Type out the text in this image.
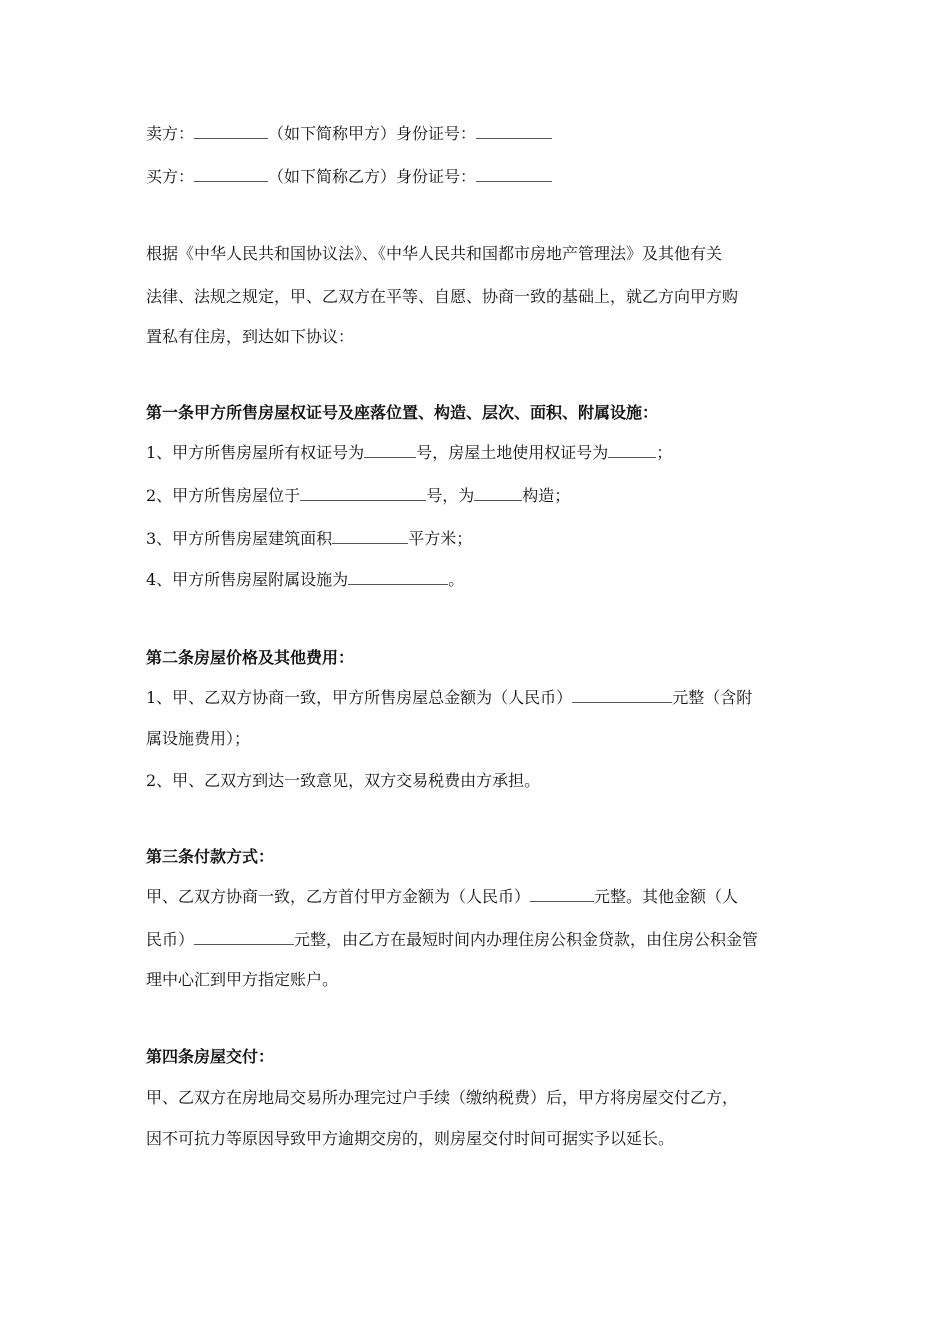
卖方：	（如下简称甲方）身份证号：
买方：	（如下简称乙方）身份证号：
根据《中华人民共和国协议法》、《中华人民共和国都市房地产管理法》及其他有关
法律、法规之规定，甲、乙双方在平等、自愿、协商一致的基础上，就乙方向甲方购
置私有住房，到达如下协议：
第一条甲方所售房屋权证号及座落位置、构造、层次、面积、附属设施：
1、甲方所售房屋所有权证号为	号，房屋土地使用权证号为	；
2、甲方所售房屋位于	号，为	构造；
3、甲方所售房屋建筑面积	平方米；
4、甲方所售房屋附属设施为	。
第二条房屋价格及其他费用：
1、甲、乙双方协商一致，甲方所售房屋总金额为（人民币）	元整（含附
属设施费用）；
2、甲、乙双方到达一致意见，双方交易税费由方承担。
第三条付款方式：
甲、乙双方协商一致，乙方首付甲方金额为（人民币）	元整。其他金额（人
民币）	元整，由乙方在最短时间内办理住房公积金贷款，由住房公积金管
理中心汇到甲方指定账户。
第四条房屋交付：
甲、乙双方在房地局交易所办理完过户手续（缴纳税费）后，甲方将房屋交付乙方，
因不可抗力等原因导致甲方逾期交房的，则房屋交付时间可据实予以延长。
